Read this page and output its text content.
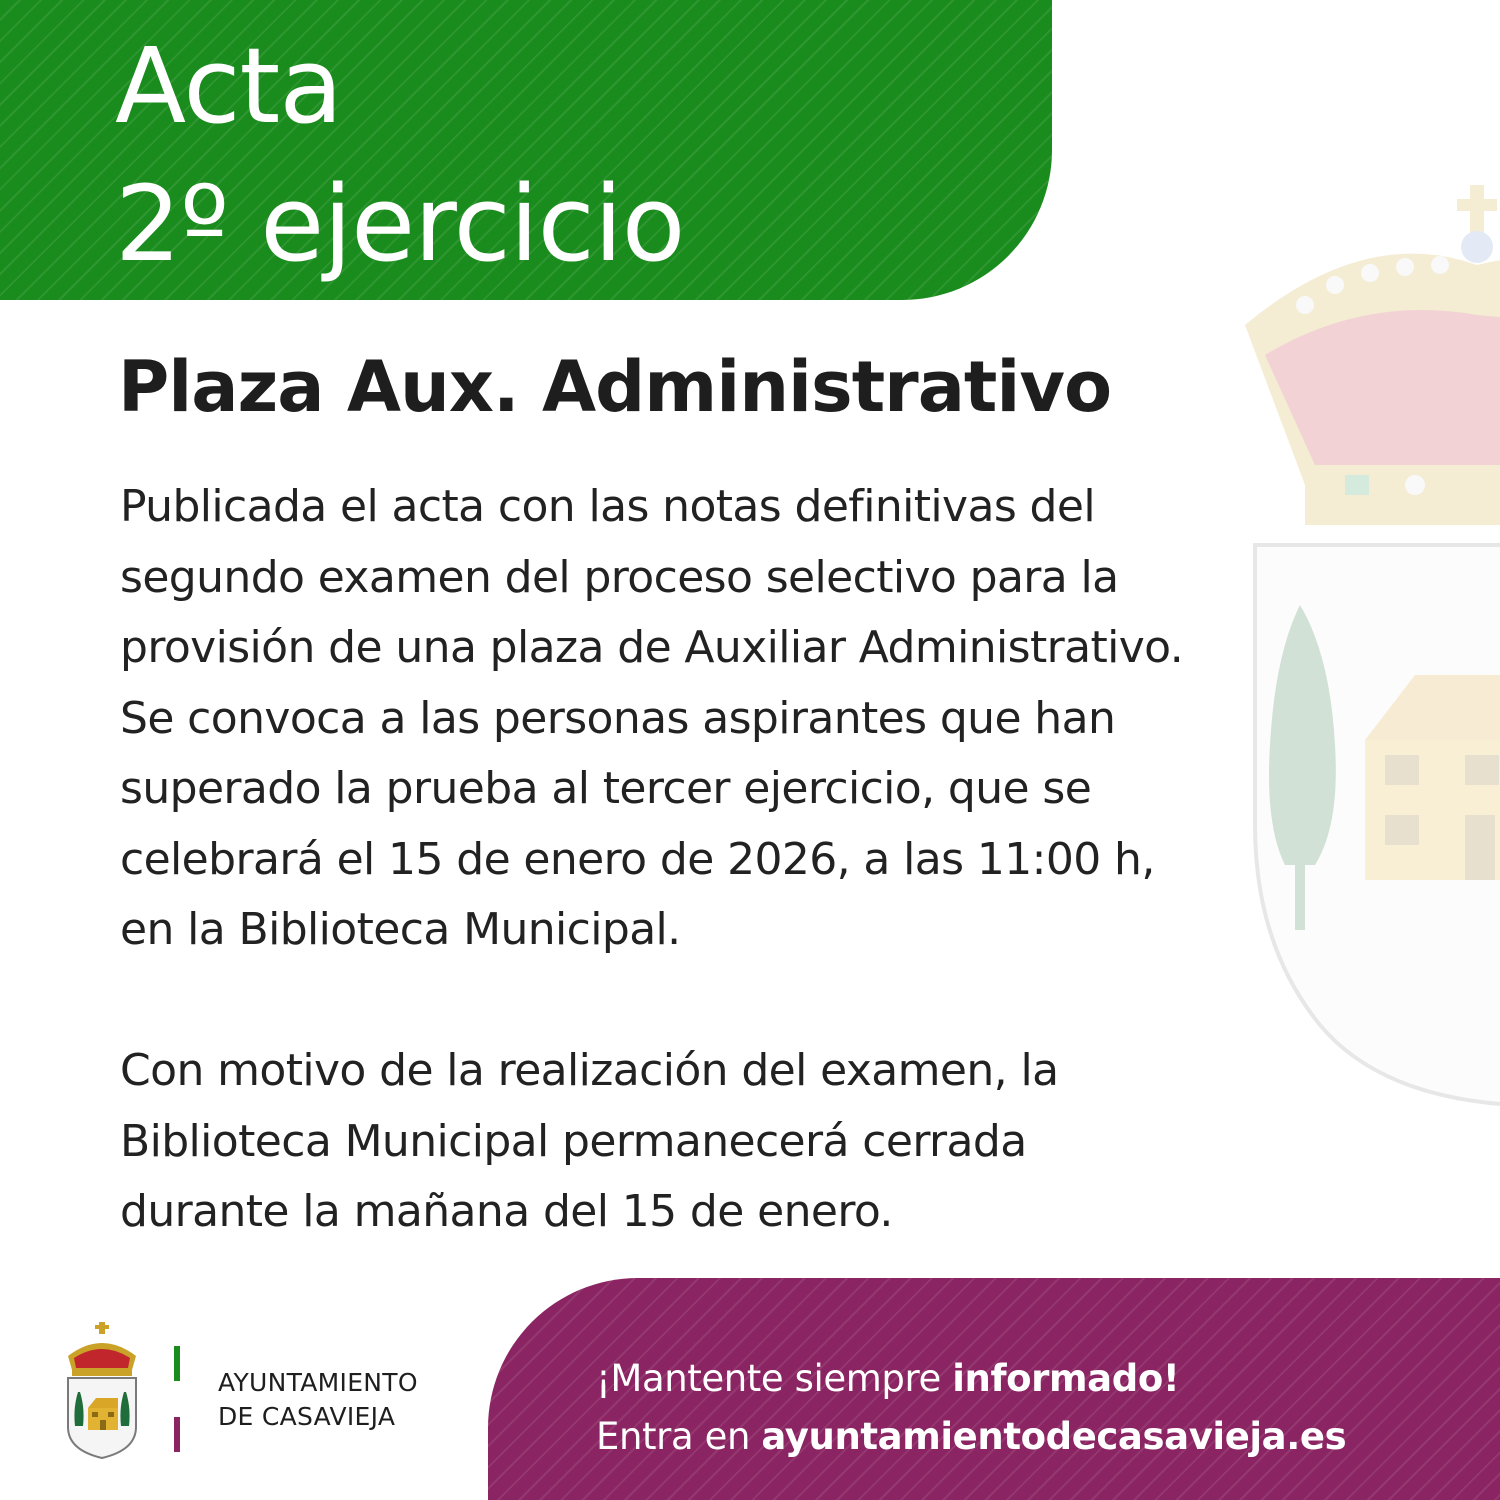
Acta
2º ejercicio
Plaza Aux. Administrativo

Publicada el acta con las notas definitivas del
segundo examen del proceso selectivo para la
provisión de una plaza de Auxiliar Administrativo.
Se convoca a las personas aspirantes que han
superado la prueba al tercer ejercicio, que se
celebrará el 15 de enero de 2026, a las 11:00 h,
en la Biblioteca Municipal.

Con motivo de la realización del examen, la
Biblioteca Municipal permanecerá cerrada
durante la mañana del 15 de enero.

AYUNTAMIENTO
DE CASAVIEJA
¡Mantente siempre informado!
Entra en ayuntamientodecasavieja.es
